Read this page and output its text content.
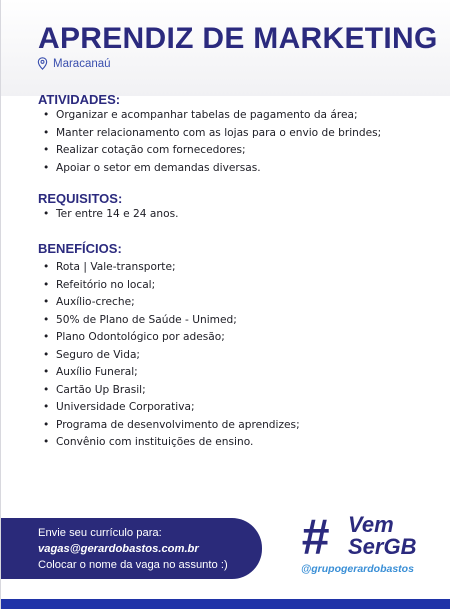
APRENDIZ DE MARKETING
Maracanaú
ATIVIDADES:
• Organizar e acompanhar tabelas de pagamento da área;
• Manter relacionamento com as lojas para o envio de brindes;
• Realizar cotação com fornecedores;
• Apoiar o setor em demandas diversas.
REQUISITOS:
• Ter entre 14 e 24 anos.
BENEFÍCIOS:
• Rota | Vale-transporte;
• Refeitório no local;
• Auxílio-creche;
• 50% de Plano de Saúde - Unimed;
• Plano Odontológico por adesão;
• Seguro de Vida;
• Auxílio Funeral;
• Cartão Up Brasil;
• Universidade Corporativa;
• Programa de desenvolvimento de aprendizes;
• Convênio com instituições de ensino.
Envie seu currículo para:
vagas@gerardobastos.com.br
Colocar o nome da vaga no assunto :)	# Vem
SerGB
@grupogerardobastos
